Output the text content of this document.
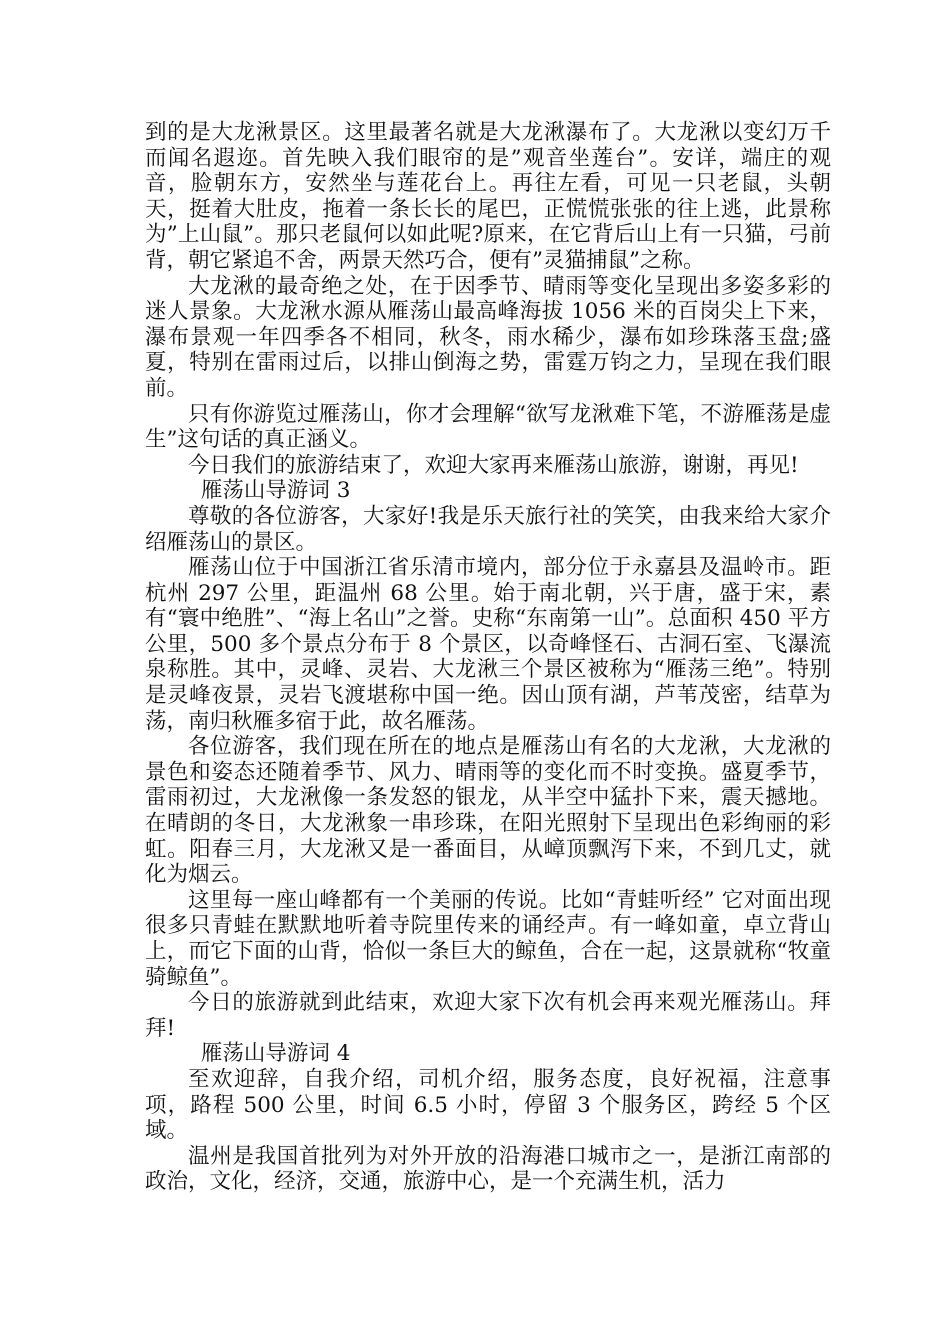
到的是大龙湫景区。这里最著名就是大龙湫瀑布了。大龙湫以变幻万千而闻名遐迩。首先映入我们眼帘的是”观音坐莲台”。安详，端庄的观音，脸朝东方，安然坐与莲花台上。再往左看，可见一只老鼠，头朝天，挺着大肚皮，拖着一条长长的尾巴，正慌慌张张的往上逃，此景称为”上山鼠”。那只老鼠何以如此呢?原来，在它背后山上有一只猫，弓前背，朝它紧追不舍，两景天然巧合，便有”灵猫捕鼠”之称。

大龙湫的最奇绝之处，在于因季节、晴雨等变化呈现出多姿多彩的迷人景象。大龙湫水源从雁荡山最高峰海拔 1056 米的百岗尖上下来，瀑布景观一年四季各不相同，秋冬，雨水稀少，瀑布如珍珠落玉盘;盛夏，特别在雷雨过后，以排山倒海之势，雷霆万钧之力，呈现在我们眼前。

只有你游览过雁荡山，你才会理解“欲写龙湫难下笔，不游雁荡是虚生”这句话的真正涵义。

今日我们的旅游结束了，欢迎大家再来雁荡山旅游，谢谢，再见!

雁荡山导游词 3

尊敬的各位游客，大家好!我是乐天旅行社的笑笑，由我来给大家介绍雁荡山的景区。

雁荡山位于中国浙江省乐清市境内，部分位于永嘉县及温岭市。距杭州 297 公里，距温州 68 公里。始于南北朝，兴于唐，盛于宋，素有“寰中绝胜”、“海上名山”之誉。史称“东南第一山”。总面积 450 平方公里，500 多个景点分布于 8 个景区，以奇峰怪石、古洞石室、飞瀑流泉称胜。其中，灵峰、灵岩、大龙湫三个景区被称为“雁荡三绝”。特别是灵峰夜景，灵岩飞渡堪称中国一绝。因山顶有湖，芦苇茂密，结草为荡，南归秋雁多宿于此，故名雁荡。

各位游客，我们现在所在的地点是雁荡山有名的大龙湫，大龙湫的景色和姿态还随着季节、风力、晴雨等的变化而不时变换。盛夏季节，雷雨初过，大龙湫像一条发怒的银龙，从半空中猛扑下来，震天撼地。在晴朗的冬日，大龙湫象一串珍珠，在阳光照射下呈现出色彩绚丽的彩虹。阳春三月，大龙湫又是一番面目，从嶂顶飘泻下来，不到几丈，就化为烟云。

这里每一座山峰都有一个美丽的传说。比如“青蛙听经” 它对面出现很多只青蛙在默默地听着寺院里传来的诵经声。有一峰如童，卓立背山上，而它下面的山背，恰似一条巨大的鲸鱼，合在一起，这景就称“牧童骑鲸鱼”。

今日的旅游就到此结束，欢迎大家下次有机会再来观光雁荡山。拜拜!

雁荡山导游词 4

至欢迎辞，自我介绍，司机介绍，服务态度，良好祝福，注意事项，路程 500 公里，时间 6.5 小时，停留 3 个服务区，跨经 5 个区域。

温州是我国首批列为对外开放的沿海港口城市之一，是浙江南部的政治，文化，经济，交通，旅游中心，是一个充满生机，活力
